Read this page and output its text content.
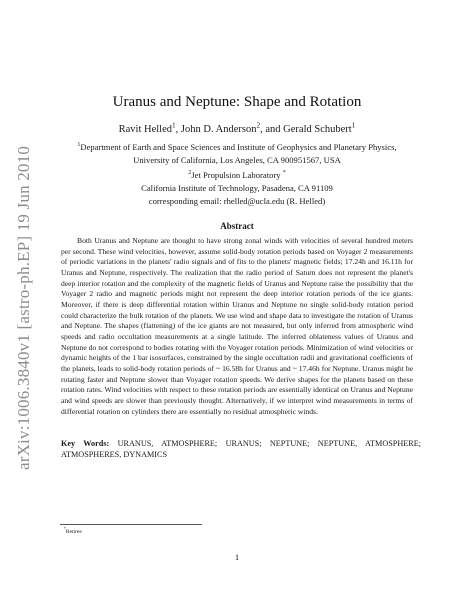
arXiv:1006.3840v1 [astro-ph.EP] 19 Jun 2010
Uranus and Neptune: Shape and Rotation
Ravit Helled$^1$, John D. Anderson$^2$, and Gerald Schubert$^1$
$^1$Department of Earth and Space Sciences and Institute of Geophysics and Planetary Physics,
University of California, Los Angeles, CA 900951567, USA
$^2$Jet Propulsion Laboratory *
California Institute of Technology, Pasadena, CA 91109
corresponding email: rhelled@ucla.edu (R. Helled)
Abstract

Both Uranus and Neptune are thought to have strong zonal winds with velocities of several hundred meters per second. These wind velocities, however, assume solid-body rotation periods based on Voyager 2 measurements of periodic variations in the planets' radio signals and of fits to the planets' magnetic fields; 17.24h and 16.11h for Uranus and Neptune, respectively. The realization that the radio period of Saturn does not represent the planet's deep interior rotation and the complexity of the magnetic fields of Uranus and Neptune raise the possibility that the Voyager 2 radio and magnetic periods might not represent the deep interior rotation periods of the ice giants. Moreover, if there is deep differential rotation within Uranus and Neptune no single solid-body rotation period could characterize the bulk rotation of the planets. We use wind and shape data to investigate the rotation of Uranus and Neptune. The shapes (flattening) of the ice giants are not measured, but only inferred from atmospheric wind speeds and radio occultation measurements at a single latitude. The inferred oblateness values of Uranus and Neptune do not correspond to bodies rotating with the Voyager rotation periods. Minimization of wind velocities or dynamic heights of the 1 bar isosurfaces, constrained by the single occultation radii and gravitational coefficients of the planets, leads to solid-body rotation periods of ~ 16.58h for Uranus and ~ 17.46h for Neptune. Uranus might be rotating faster and Neptune slower than Voyager rotation speeds. We derive shapes for the planets based on these rotation rates. Wind velocities with respect to these rotation periods are essentially identical on Uranus and Neptune and wind speeds are slower than previously thought. Alternatively, if we interpret wind measurements in terms of differential rotation on cylinders there are essentially no residual atmospheric winds.

Key Words: URANUS, ATMOSPHERE; URANUS; NEPTUNE; NEPTUNE, ATMOSPHERE; ATMOSPHERES, DYNAMICS
*Retiree
1
